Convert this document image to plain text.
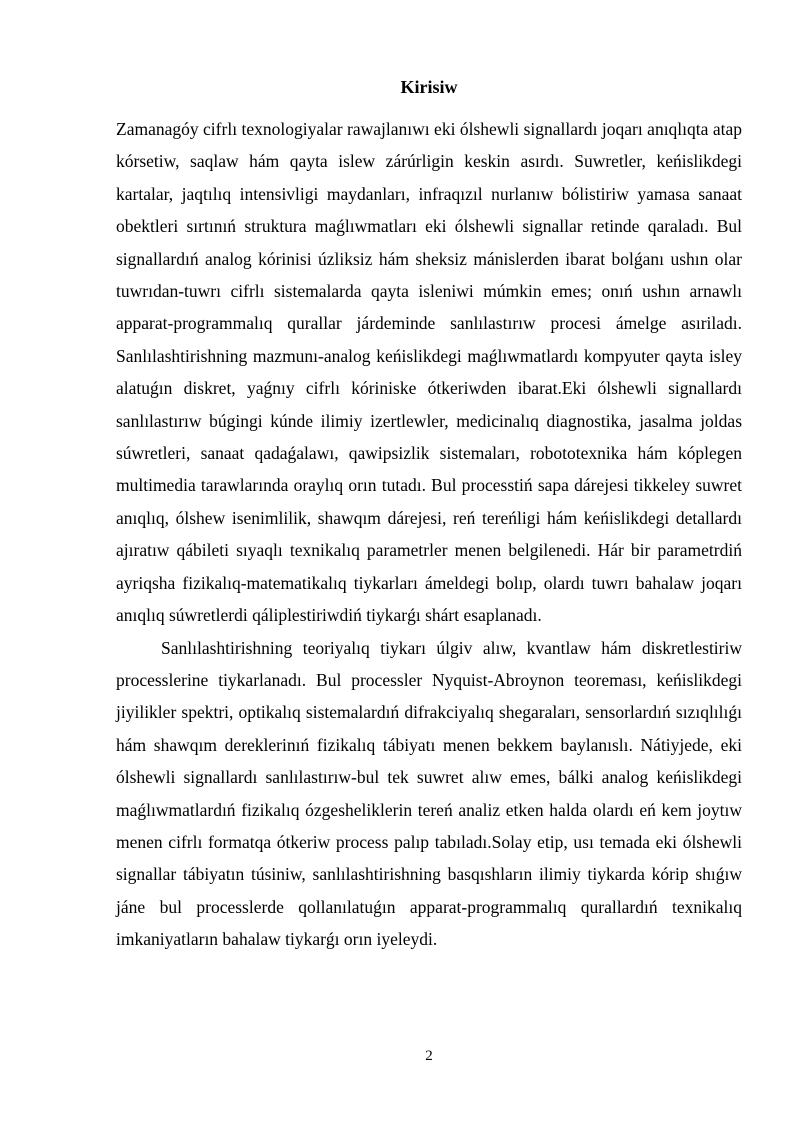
Kirisiw

Zamanagóy cifrlı texnologiyalar rawajlanıwı eki ólshewli signallardı joqarı anıqlıqta atap kórsetiw, saqlaw hám qayta islew zárúrligin keskin asırdı. Suwretler, keńislikdegi kartalar, jaqtılıq intensivligi maydanları, infraqızıl nurlanıw bólistiriw yamasa sanaat obektleri sırtınıń struktura maǵlıwmatları eki ólshewli signallar retinde qaraladı. Bul signallardıń analog kórinisi úzliksiz hám sheksiz mánislerden ibarat bolǵanı ushın olar tuwrıdan-tuwrı cifrlı sistemalarda qayta isleniwi múmkin emes; onıń ushın arnawlı apparat-programmalıq qurallar járdeminde sanlılastırıw procesi ámelge asıriladı. Sanlılashtirishning mazmunı-analog keńislikdegi maǵlıwmatlardı kompyuter qayta isley alatuǵın diskret, yaǵnıy cifrlı kóriniske ótkeriwden ibarat.Eki ólshewli signallardı sanlılastırıw búgingi kúnde ilimiy izertlewler, medicinalıq diagnostika, jasalma joldas súwretleri, sanaat qadaǵalawı, qawipsizlik sistemaları, robototexnika hám kóplegen multimedia tarawlarında oraylıq orın tutadı. Bul processtiń sapa dárejesi tikkeley suwret anıqlıq, ólshew isenimlilik, shawqım dárejesi, reń tereńligi hám keńislikdegi detallardı ajıratıw qábileti sıyaqlı texnikalıq parametrler menen belgilenedi. Hár bir parametrdiń ayriqsha fizikalıq-matematikalıq tiykarları ámeldegi bolıp, olardı tuwrı bahalaw joqarı anıqlıq súwretlerdi qáliplestiriwdiń tiykarǵı shárt esaplanadı.

Sanlılashtirishning teoriyalıq tiykarı úlgiv alıw, kvantlaw hám diskretlestiriw processlerine tiykarlanadı. Bul processler Nyquist-Abroynon teoreması, keńislikdegi jiyilikler spektri, optikalıq sistemalardıń difrakciyalıq shegaraları, sensorlardıń sızıqlılıǵı hám shawqım dereklerinıń fizikalıq tábiyatı menen bekkem baylanıslı. Nátiyjede, eki ólshewli signallardı sanlılastırıw-bul tek suwret alıw emes, bálki analog keńislikdegi maǵlıwmatlardıń fizikalıq ózgesheliklerin tereń analiz etken halda olardı eń kem joytıw menen cifrlı formatqa ótkeriw process palıp tabıladı.Solay etip, usı temada eki ólshewli signallar tábiyatın túsiniw, sanlılashtirishning basqıshların ilimiy tiykarda kórip shıǵıw jáne bul processlerde qollanılatuǵın apparat-programmalıq qurallardıń texnikalıq imkaniyatların bahalaw tiykarǵı orın iyeleydi.

2
